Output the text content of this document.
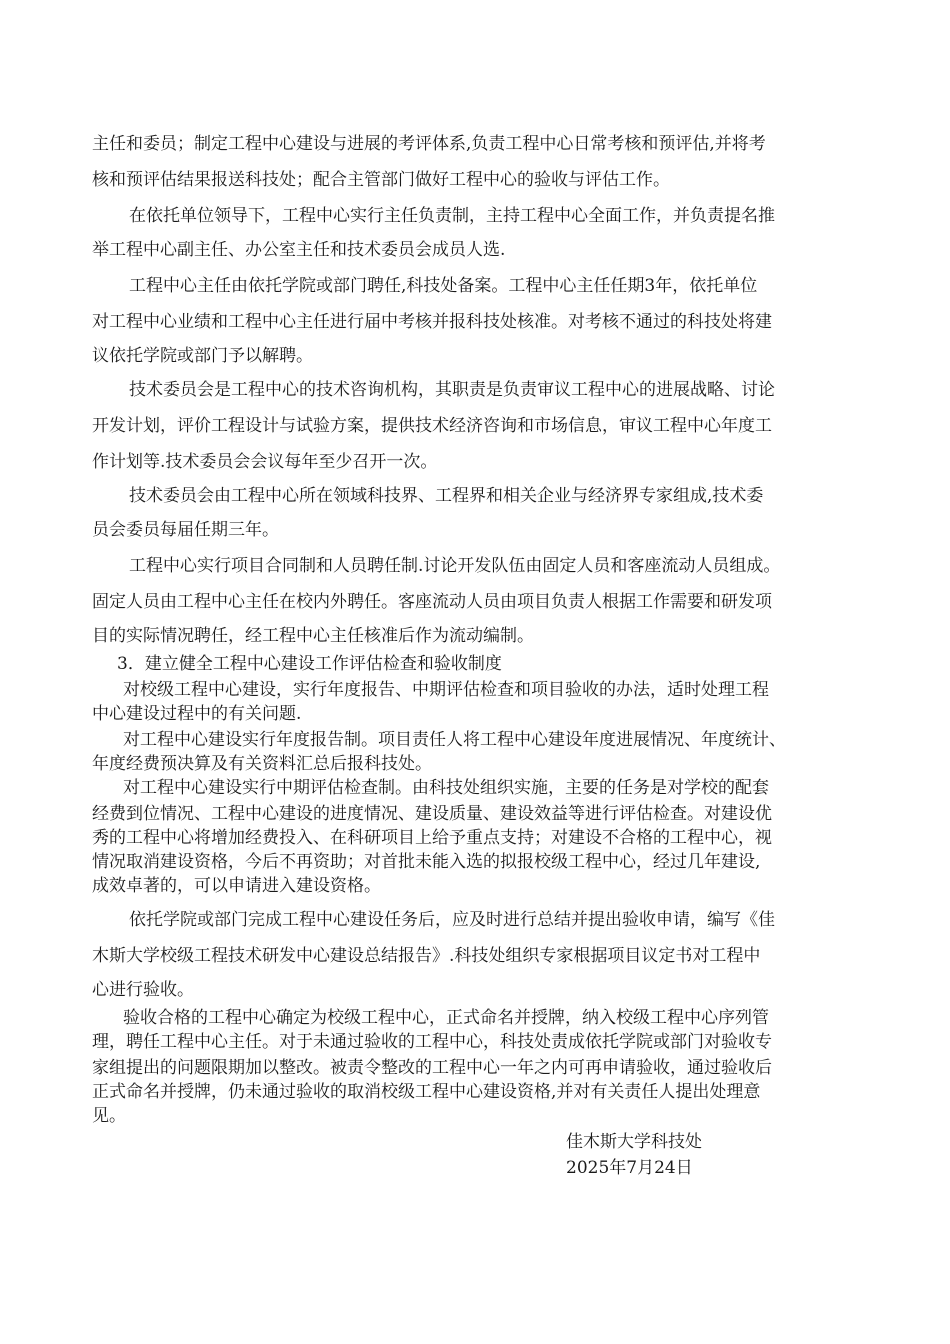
主任和委员；制定工程中心建设与进展的考评体系,负责工程中心日常考核和预评估,并将考
核和预评估结果报送科技处；配合主管部门做好工程中心的验收与评估工作。
　在依托单位领导下，工程中心实行主任负责制，主持工程中心全面工作，并负责提名推
举工程中心副主任、办公室主任和技术委员会成员人选.
　工程中心主任由依托学院或部门聘任,科技处备案。工程中心主任任期3年，依托单位
对工程中心业绩和工程中心主任进行届中考核并报科技处核准。对考核不通过的科技处将建
议依托学院或部门予以解聘。
　技术委员会是工程中心的技术咨询机构，其职责是负责审议工程中心的进展战略、讨论
开发计划，评价工程设计与试验方案，提供技术经济咨询和市场信息，审议工程中心年度工
作计划等.技术委员会会议每年至少召开一次。
　技术委员会由工程中心所在领域科技界、工程界和相关企业与经济界专家组成,技术委
员会委员每届任期三年。
　工程中心实行项目合同制和人员聘任制.讨论开发队伍由固定人员和客座流动人员组成。
固定人员由工程中心主任在校内外聘任。客座流动人员由项目负责人根据工作需要和研发项
目的实际情况聘任，经工程中心主任核准后作为流动编制。
　3．建立健全工程中心建设工作评估检查和验收制度
　对校级工程中心建设，实行年度报告、中期评估检查和项目验收的办法，适时处理工程
中心建设过程中的有关问题.
　对工程中心建设实行年度报告制。项目责任人将工程中心建设年度进展情况、年度统计、
年度经费预决算及有关资料汇总后报科技处。
　对工程中心建设实行中期评估检查制。由科技处组织实施，主要的任务是对学校的配套
经费到位情况、工程中心建设的进度情况、建设质量、建设效益等进行评估检查。对建设优
秀的工程中心将增加经费投入、在科研项目上给予重点支持；对建设不合格的工程中心，视
情况取消建设资格，今后不再资助；对首批未能入选的拟报校级工程中心，经过几年建设,
成效卓著的，可以申请进入建设资格。
　依托学院或部门完成工程中心建设任务后，应及时进行总结并提出验收申请，编写《佳
木斯大学校级工程技术研发中心建设总结报告》.科技处组织专家根据项目议定书对工程中
心进行验收。
　验收合格的工程中心确定为校级工程中心，正式命名并授牌，纳入校级工程中心序列管
理，聘任工程中心主任。对于未通过验收的工程中心，科技处责成依托学院或部门对验收专
家组提出的问题限期加以整改。被责令整改的工程中心一年之内可再申请验收，通过验收后
正式命名并授牌，仍未通过验收的取消校级工程中心建设资格,并对有关责任人提出处理意
见。
佳木斯大学科技处
2025年7月24日
